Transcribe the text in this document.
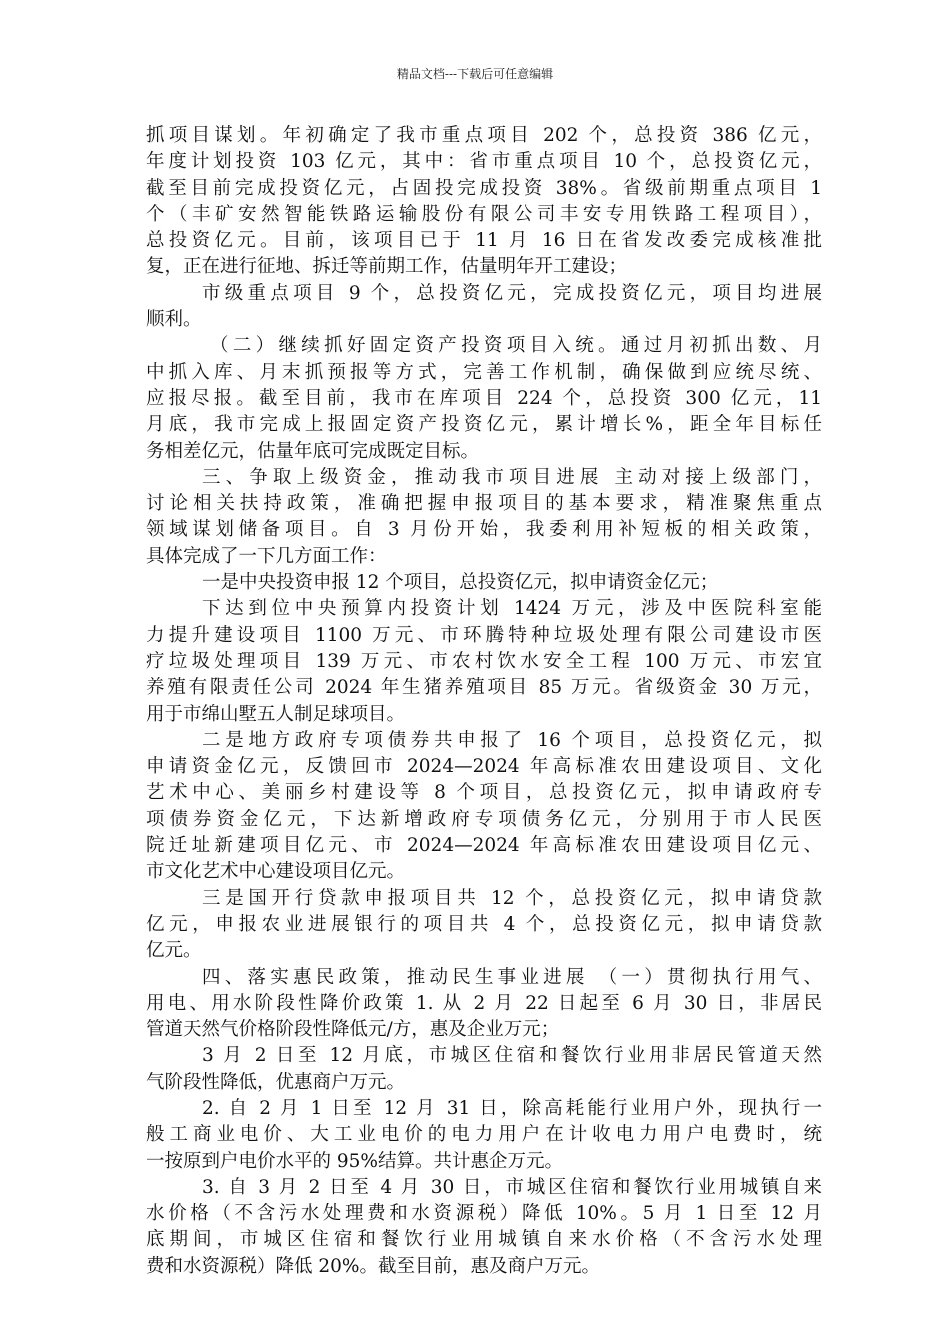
精品文档---下载后可任意编辑
抓项目谋划。年初确定了我市重点项目 202 个，总投资 386 亿元，
年度计划投资 103 亿元，其中：省市重点项目 10 个，总投资亿元，
截至目前完成投资亿元，占固投完成投资 38%。省级前期重点项目 1
个（丰矿安然智能铁路运输股份有限公司丰安专用铁路工程项目），
总投资亿元。目前，该项目已于 11 月 16 日在省发改委完成核准批
复，正在进行征地、拆迁等前期工作，估量明年开工建设；
市级重点项目 9 个，总投资亿元，完成投资亿元，项目均进展
顺利。
（二）继续抓好固定资产投资项目入统。通过月初抓出数、月
中抓入库、月末抓预报等方式，完善工作机制，确保做到应统尽统、
应报尽报。截至目前，我市在库项目 224 个，总投资 300 亿元，11
月底，我市完成上报固定资产投资亿元，累计增长%，距全年目标任
务相差亿元，估量年底可完成既定目标。
三、争取上级资金，推动我市项目进展 主动对接上级部门，
讨论相关扶持政策，准确把握申报项目的基本要求，精准聚焦重点
领域谋划储备项目。自 3 月份开始，我委利用补短板的相关政策，
具体完成了一下几方面工作：
一是中央投资申报 12 个项目，总投资亿元，拟申请资金亿元；
下达到位中央预算内投资计划 1424 万元，涉及中医院科室能
力提升建设项目 1100 万元、市环腾特种垃圾处理有限公司建设市医
疗垃圾处理项目 139 万元、市农村饮水安全工程 100 万元、市宏宜
养殖有限责任公司 2024 年生猪养殖项目 85 万元。省级资金 30 万元，
用于市绵山墅五人制足球项目。
二是地方政府专项债券共申报了 16 个项目，总投资亿元，拟
申请资金亿元，反馈回市 2024—2024 年高标准农田建设项目、文化
艺术中心、美丽乡村建设等 8 个项目，总投资亿元，拟申请政府专
项债券资金亿元，下达新增政府专项债务亿元，分别用于市人民医
院迁址新建项目亿元、市 2024—2024 年高标准农田建设项目亿元、
市文化艺术中心建设项目亿元。
三是国开行贷款申报项目共 12 个，总投资亿元，拟申请贷款
亿元，申报农业进展银行的项目共 4 个，总投资亿元，拟申请贷款
亿元。
四、落实惠民政策，推动民生事业进展 （一）贯彻执行用气、
用电、用水阶段性降价政策 1. 从 2 月 22 日起至 6 月 30 日，非居民
管道天然气价格阶段性降低元/方，惠及企业万元；
3 月 2 日至 12 月底，市城区住宿和餐饮行业用非居民管道天然
气阶段性降低，优惠商户万元。
2. 自 2 月 1 日至 12 月 31 日，除高耗能行业用户外，现执行一
般工商业电价、大工业电价的电力用户在计收电力用户电费时，统
一按原到户电价水平的 95%结算。共计惠企万元。
3. 自 3 月 2 日至 4 月 30 日，市城区住宿和餐饮行业用城镇自来
水价格（不含污水处理费和水资源税）降低 10%。5 月 1 日至 12 月
底期间，市城区住宿和餐饮行业用城镇自来水价格（不含污水处理
费和水资源税）降低 20%。截至目前，惠及商户万元。
